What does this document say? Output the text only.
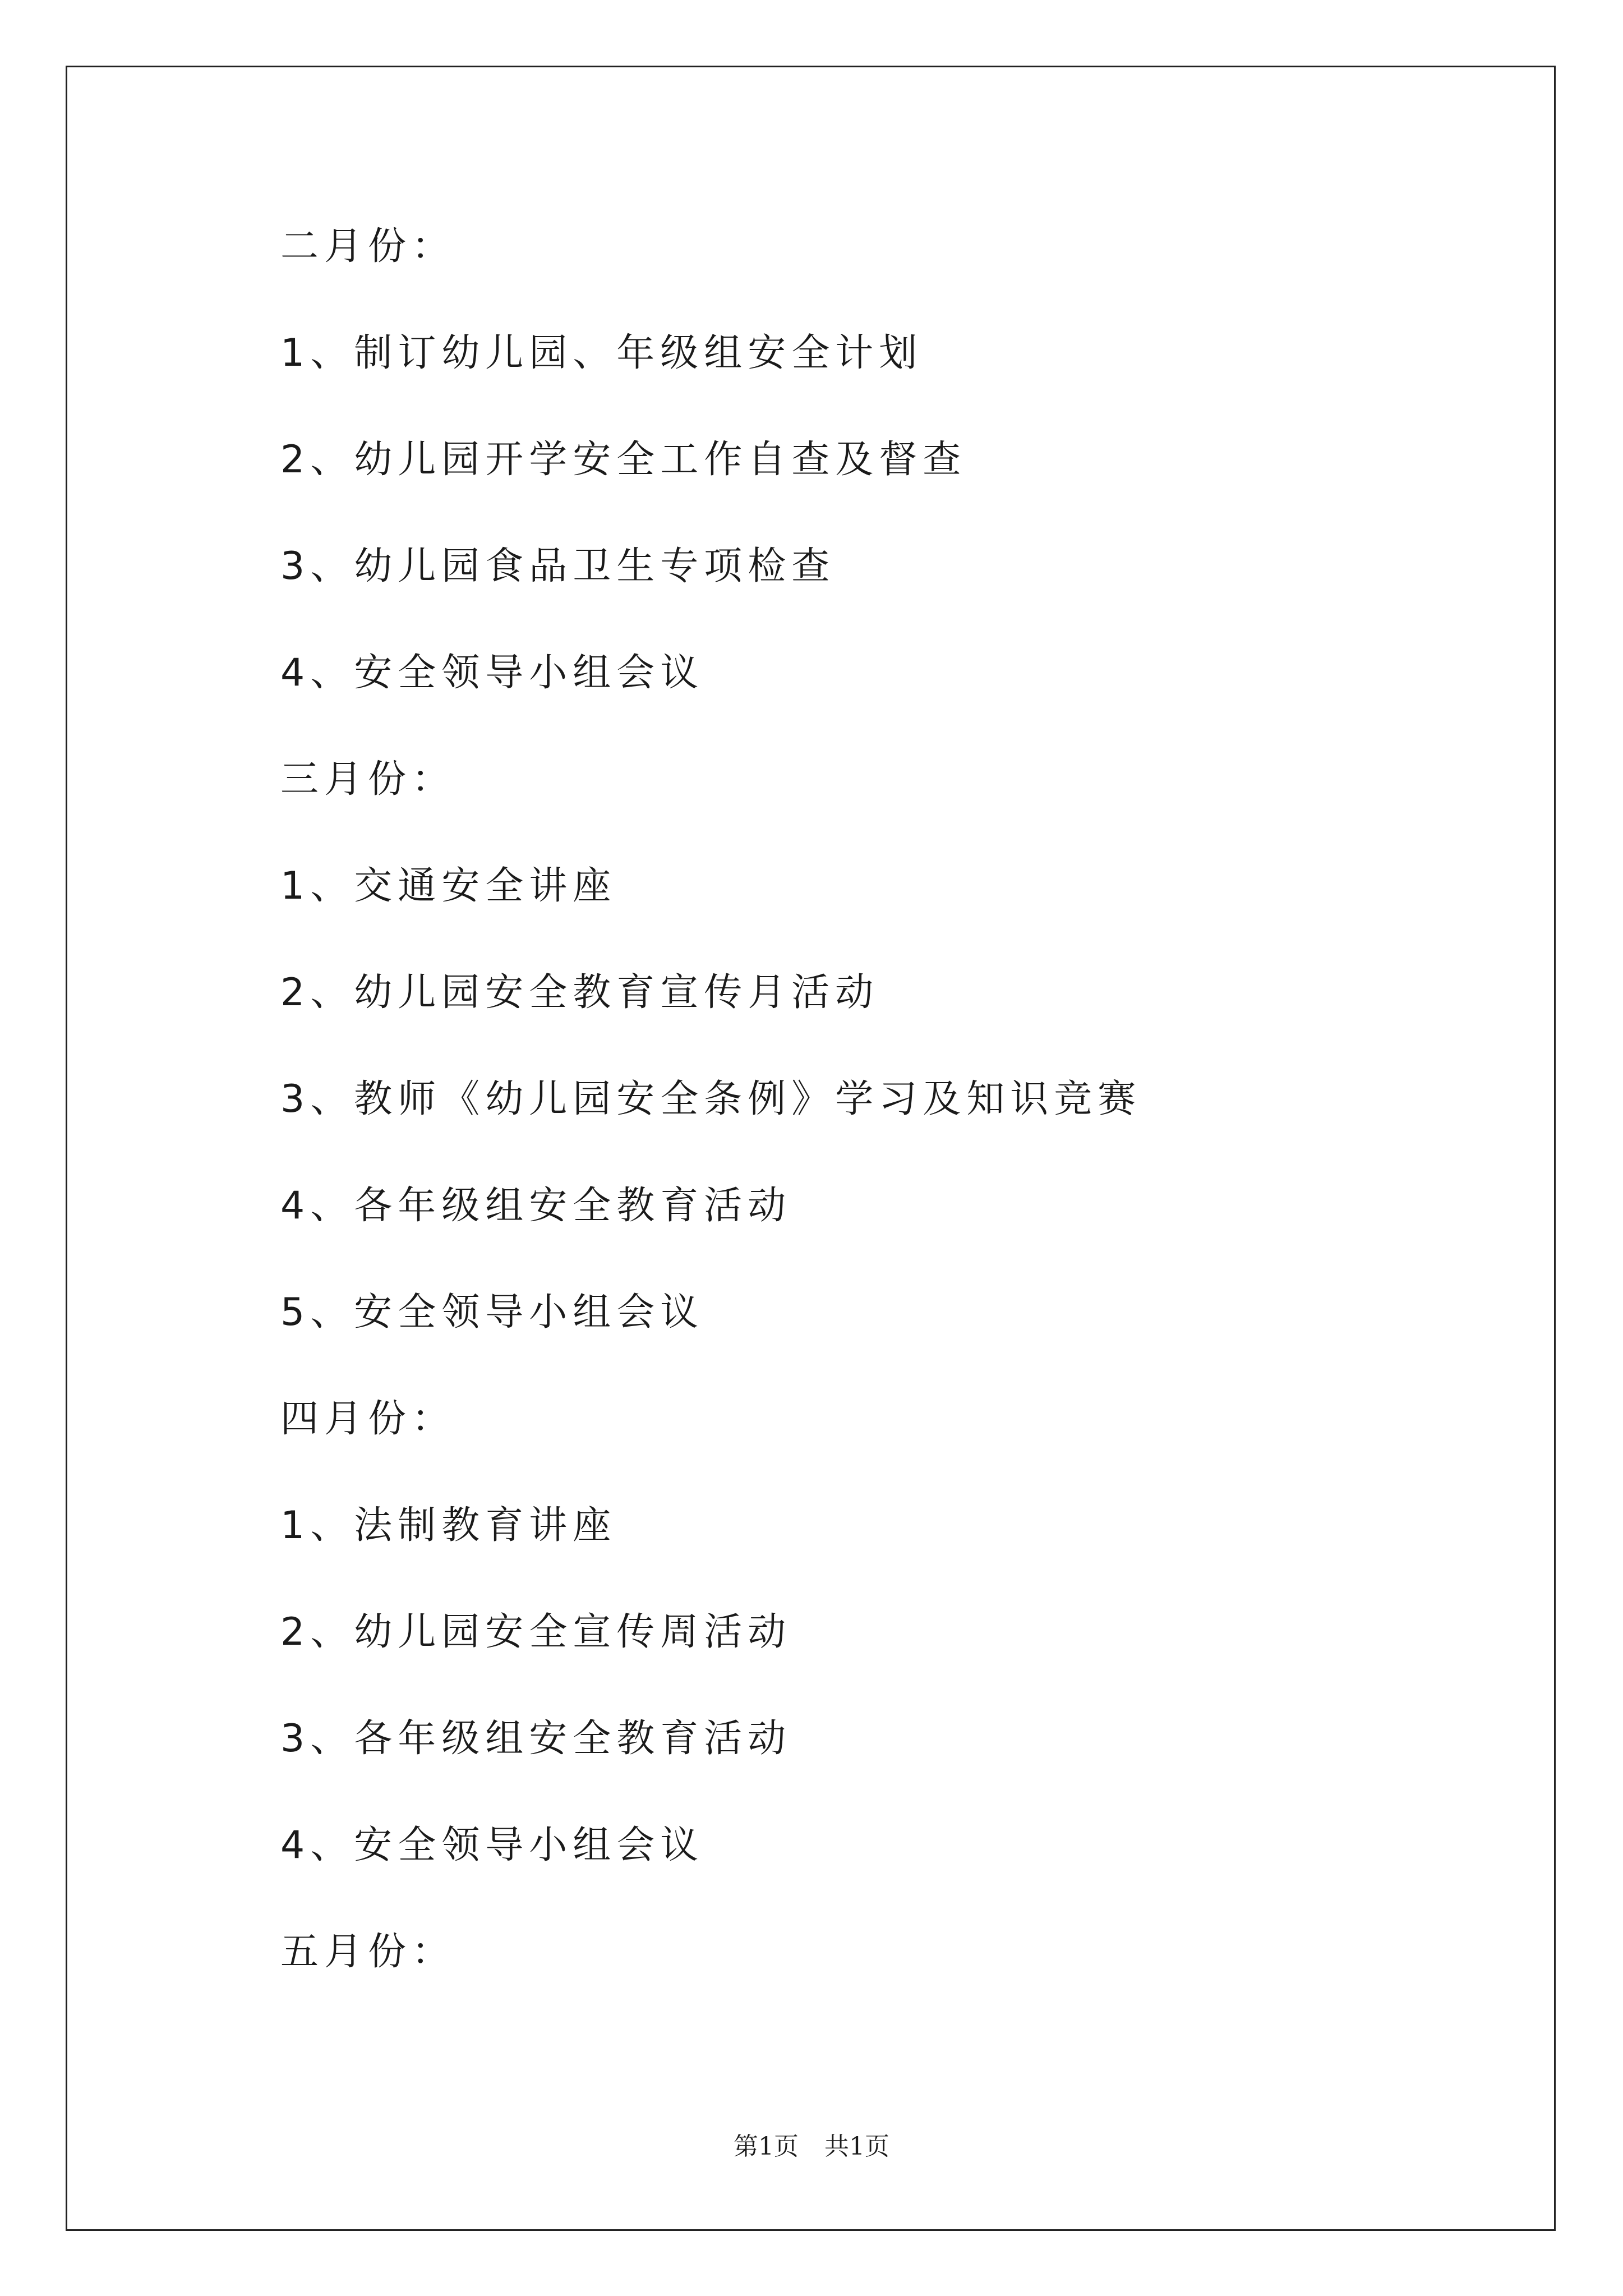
二月份：
1、制订幼儿园、年级组安全计划
2、幼儿园开学安全工作自查及督查
3、幼儿园食品卫生专项检查
4、安全领导小组会议
三月份：
1、交通安全讲座
2、幼儿园安全教育宣传月活动
3、教师《幼儿园安全条例》学习及知识竞赛
4、各年级组安全教育活动
5、安全领导小组会议
四月份：
1、法制教育讲座
2、幼儿园安全宣传周活动
3、各年级组安全教育活动
4、安全领导小组会议
五月份：
第1页 共1页
